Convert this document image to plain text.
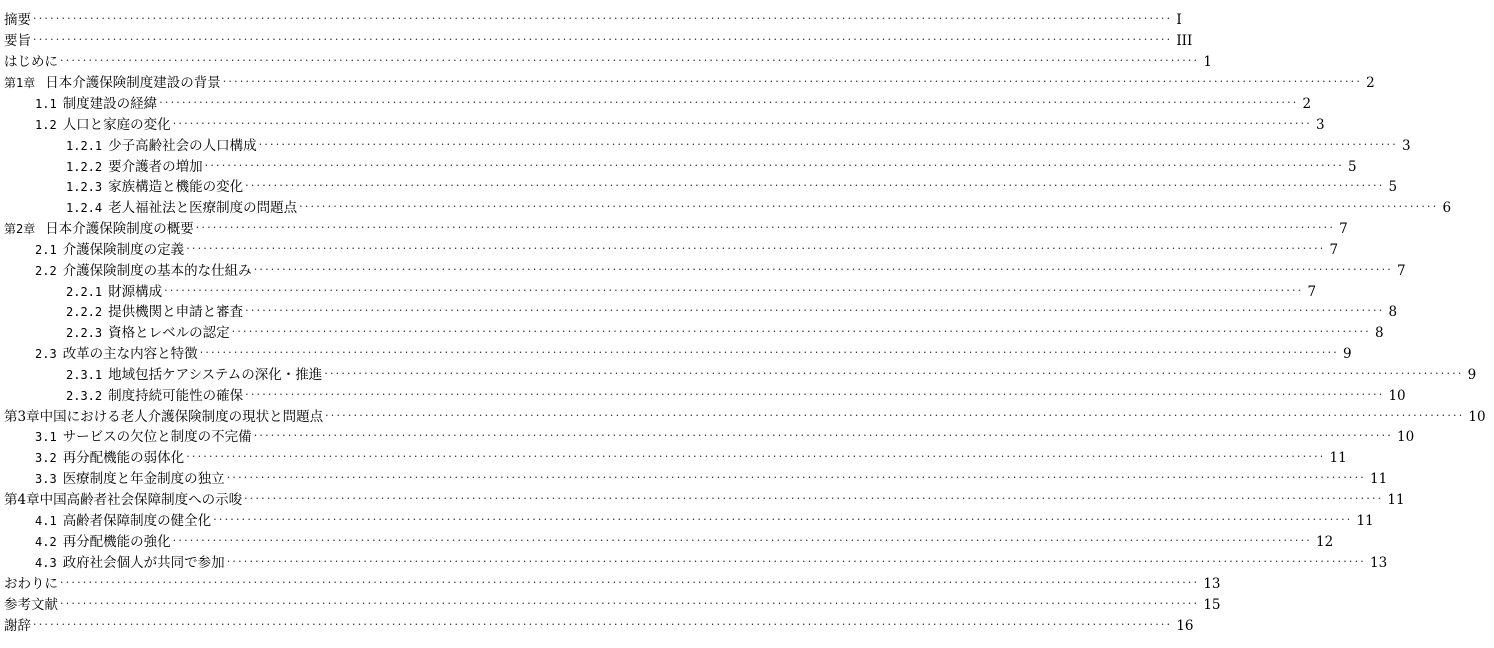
摘要 ········································································································································································································ I
要旨 ········································································································································································································ III
はじめに ········································································································································································································ 1
第1章 日本介護保険制度建設の背景 ········································································································································································································ 2
1.1 制度建設の経緯 ········································································································································································································ 2
1.2 人口と家庭の変化 ········································································································································································································ 3
1.2.1 少子高齢社会の人口構成 ········································································································································································································ 3
1.2.2 要介護者の増加 ········································································································································································································ 5
1.2.3 家族構造と機能の変化 ········································································································································································································ 5
1.2.4 老人福祉法と医療制度の問題点 ········································································································································································································ 6
第2章 日本介護保険制度の概要 ········································································································································································································ 7
2.1 介護保険制度の定義 ········································································································································································································ 7
2.2 介護保険制度の基本的な仕組み ········································································································································································································ 7
2.2.1 財源構成 ········································································································································································································ 7
2.2.2 提供機関と申請と審査 ········································································································································································································ 8
2.2.3 資格とレベルの認定 ········································································································································································································ 8
2.3 改革の主な内容と特徴 ········································································································································································································ 9
2.3.1 地域包括ケアシステムの深化・推進 ········································································································································································································ 9
2.3.2 制度持続可能性の確保 ········································································································································································································ 10
第3章中国における老人介護保険制度の現状と問題点 ········································································································································································································ 10
3.1 サービスの欠位と制度の不完備 ········································································································································································································ 10
3.2 再分配機能の弱体化 ········································································································································································································ 11
3.3 医療制度と年金制度の独立 ········································································································································································································ 11
第4章中国高齢者社会保障制度への示唆 ········································································································································································································ 11
4.1 高齢者保障制度の健全化 ········································································································································································································ 11
4.2 再分配機能の強化 ········································································································································································································ 12
4.3 政府社会個人が共同で参加 ········································································································································································································ 13
おわりに ········································································································································································································ 13
参考文献 ········································································································································································································ 15
謝辞 ········································································································································································································ 16
